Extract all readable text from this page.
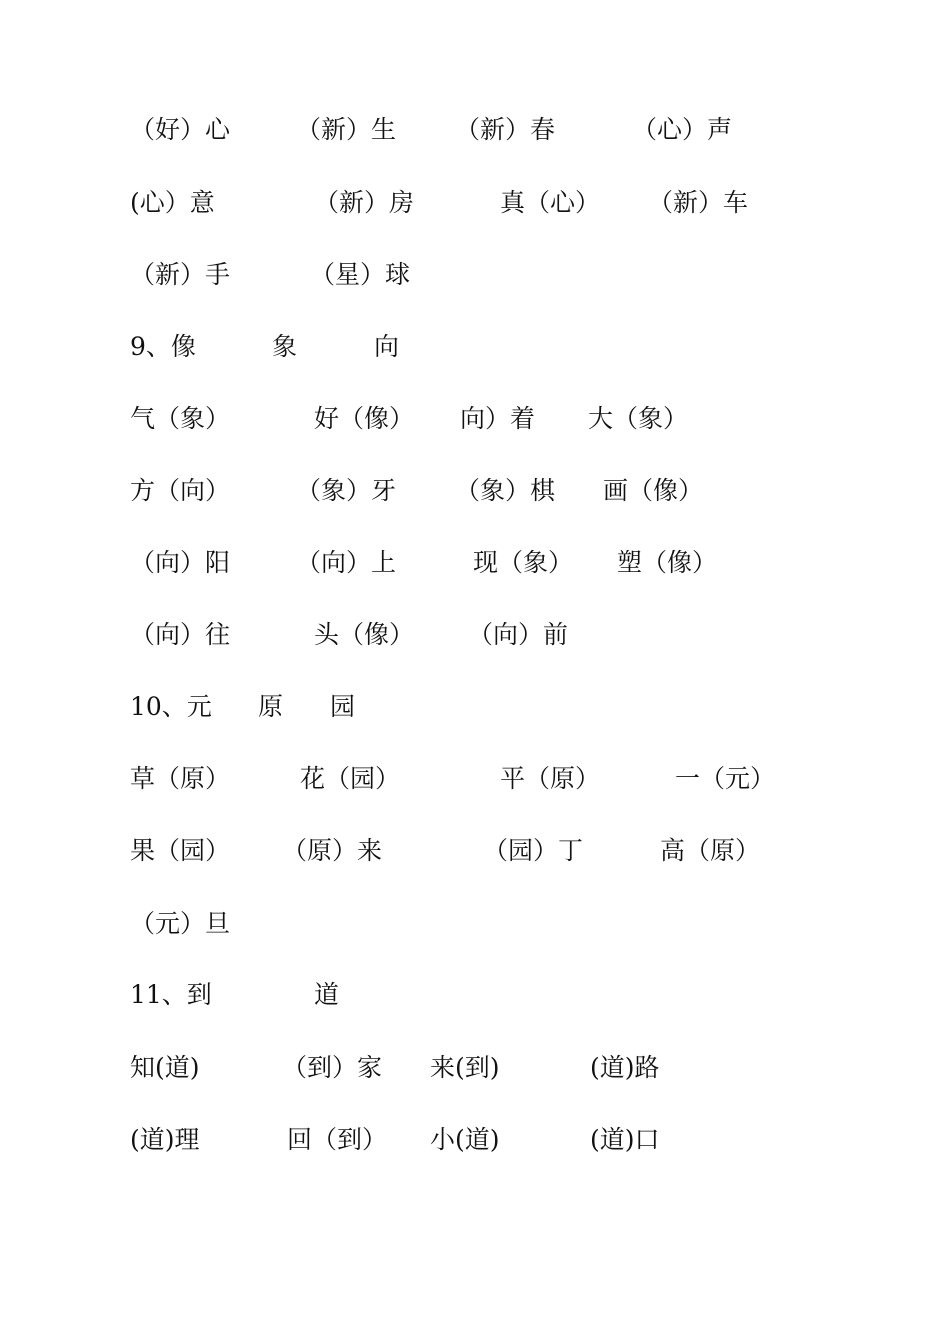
（好）心	（新）生 （新）春	（心）声
(心）意	（新）房	真（心） （新）车
（新）手	（星）球
9、像	象	向
气（象）	好（像） 向）着 大（象）
方（向）	（象）牙 （象）棋 画（像）
（向）阳	（向）上	现（象） 塑（像）
（向）往	头（像） （向）前
10、元 原 园
草（原）	花（园）	平（原）	一（元）
果（园） （原）来	（园）丁	高（原）
（元）旦
11、到	道
知(道)	（到）家 来(到)	(道)路
(道)理	回（到） 小(道)	(道)口
